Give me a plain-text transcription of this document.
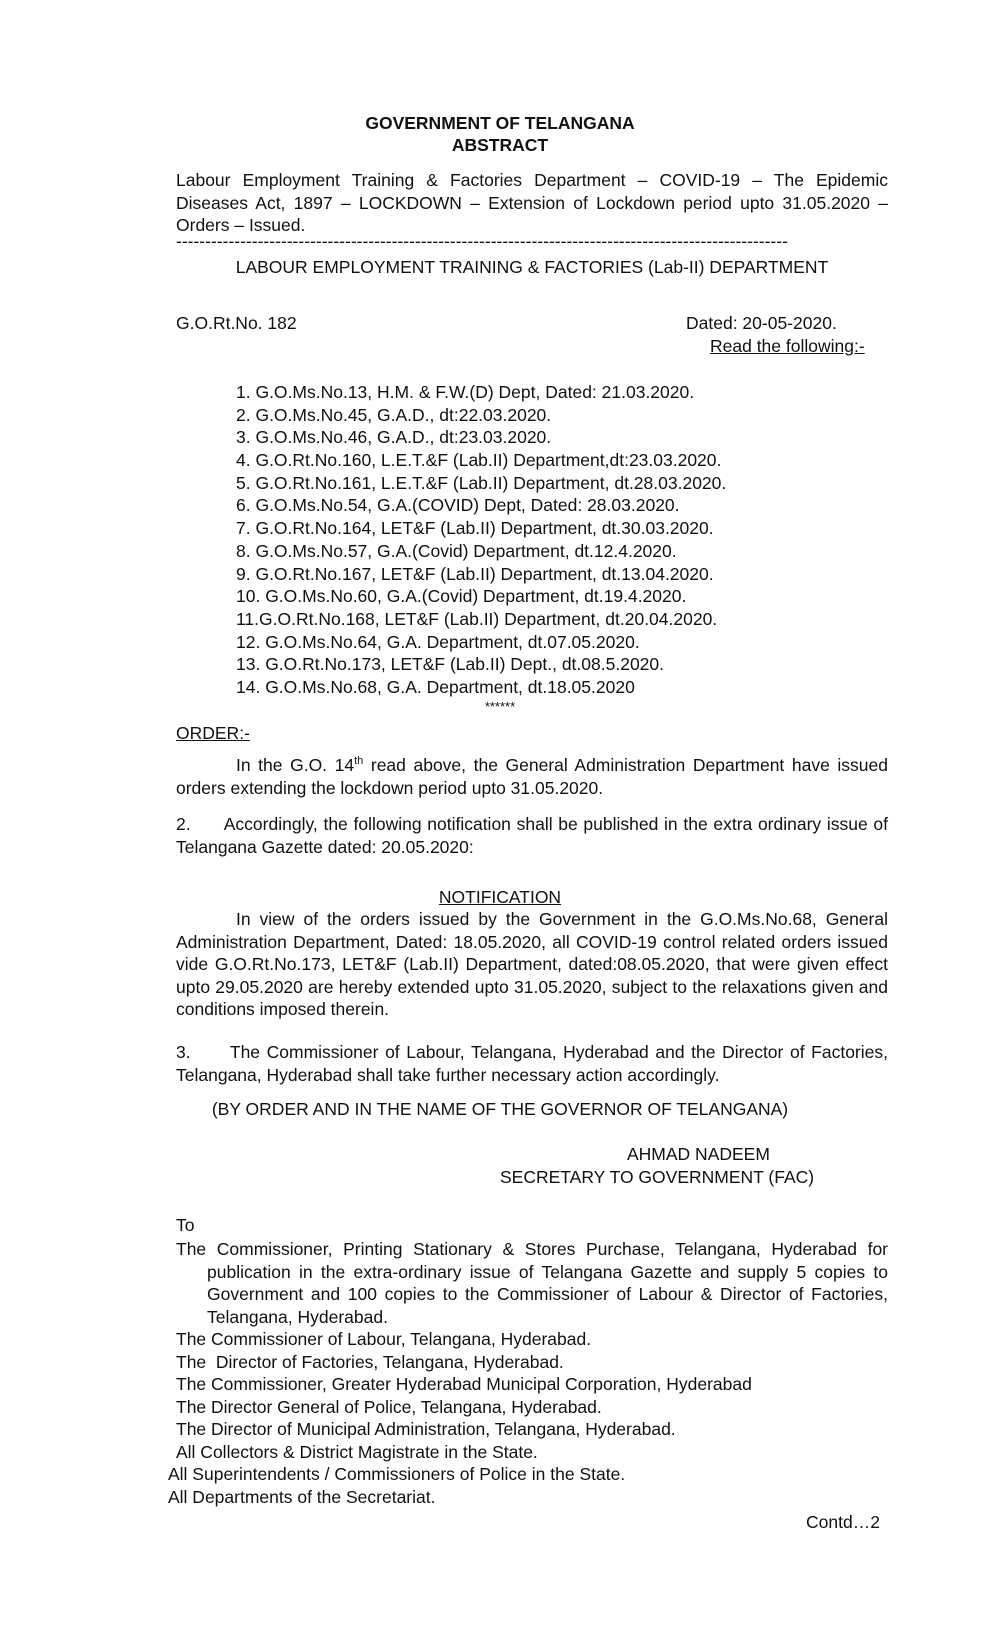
GOVERNMENT OF TELANGANA
ABSTRACT
Labour Employment Training & Factories Department – COVID-19 – The Epidemic Diseases Act, 1897 – LOCKDOWN – Extension of Lockdown period upto 31.05.2020 – Orders – Issued.
---------------------------------------------------------------------------------------------------------
LABOUR EMPLOYMENT TRAINING & FACTORIES (Lab-II) DEPARTMENT
G.O.Rt.No. 182	Dated: 20-05-2020.
Read the following:-
1. G.O.Ms.No.13, H.M. & F.W.(D) Dept, Dated: 21.03.2020.
2. G.O.Ms.No.45, G.A.D., dt:22.03.2020.
3. G.O.Ms.No.46, G.A.D., dt:23.03.2020.
4. G.O.Rt.No.160, L.E.T.&F (Lab.II) Department,dt:23.03.2020.
5. G.O.Rt.No.161, L.E.T.&F (Lab.II) Department, dt.28.03.2020.
6. G.O.Ms.No.54, G.A.(COVID) Dept, Dated: 28.03.2020.
7. G.O.Rt.No.164, LET&F (Lab.II) Department, dt.30.03.2020.
8. G.O.Ms.No.57, G.A.(Covid) Department, dt.12.4.2020.
9. G.O.Rt.No.167, LET&F (Lab.II) Department, dt.13.04.2020.
10. G.O.Ms.No.60, G.A.(Covid) Department, dt.19.4.2020.
11.G.O.Rt.No.168, LET&F (Lab.II) Department, dt.20.04.2020.
12. G.O.Ms.No.64, G.A. Department, dt.07.05.2020.
13. G.O.Rt.No.173, LET&F (Lab.II) Dept., dt.08.5.2020.
14. G.O.Ms.No.68, G.A. Department, dt.18.05.2020
******
ORDER:-
In the G.O. 14th read above, the General Administration Department have issued orders extending the lockdown period upto 31.05.2020.
2.      Accordingly, the following notification shall be published in the extra ordinary issue of Telangana Gazette dated: 20.05.2020:
NOTIFICATION
In view of the orders issued by the Government in the G.O.Ms.No.68, General Administration Department, Dated: 18.05.2020, all COVID-19 control related orders issued vide G.O.Rt.No.173, LET&F (Lab.II) Department, dated:08.05.2020, that were given effect upto 29.05.2020 are hereby extended upto 31.05.2020, subject to the relaxations given and conditions imposed therein.
3.      The Commissioner of Labour, Telangana, Hyderabad and the Director of Factories, Telangana, Hyderabad shall take further necessary action accordingly.
(BY ORDER AND IN THE NAME OF THE GOVERNOR OF TELANGANA)
AHMAD NADEEM
SECRETARY TO GOVERNMENT (FAC)
To
The Commissioner, Printing Stationary & Stores Purchase, Telangana, Hyderabad for publication in the extra-ordinary issue of Telangana Gazette and supply 5 copies to Government and 100 copies to the Commissioner of Labour & Director of Factories, Telangana, Hyderabad.
The Commissioner of Labour, Telangana, Hyderabad.
The  Director of Factories, Telangana, Hyderabad.
The Commissioner, Greater Hyderabad Municipal Corporation, Hyderabad
The Director General of Police, Telangana, Hyderabad.
The Director of Municipal Administration, Telangana, Hyderabad.
All Collectors & District Magistrate in the State.
All Superintendents / Commissioners of Police in the State.
All Departments of the Secretariat.
Contd…2
